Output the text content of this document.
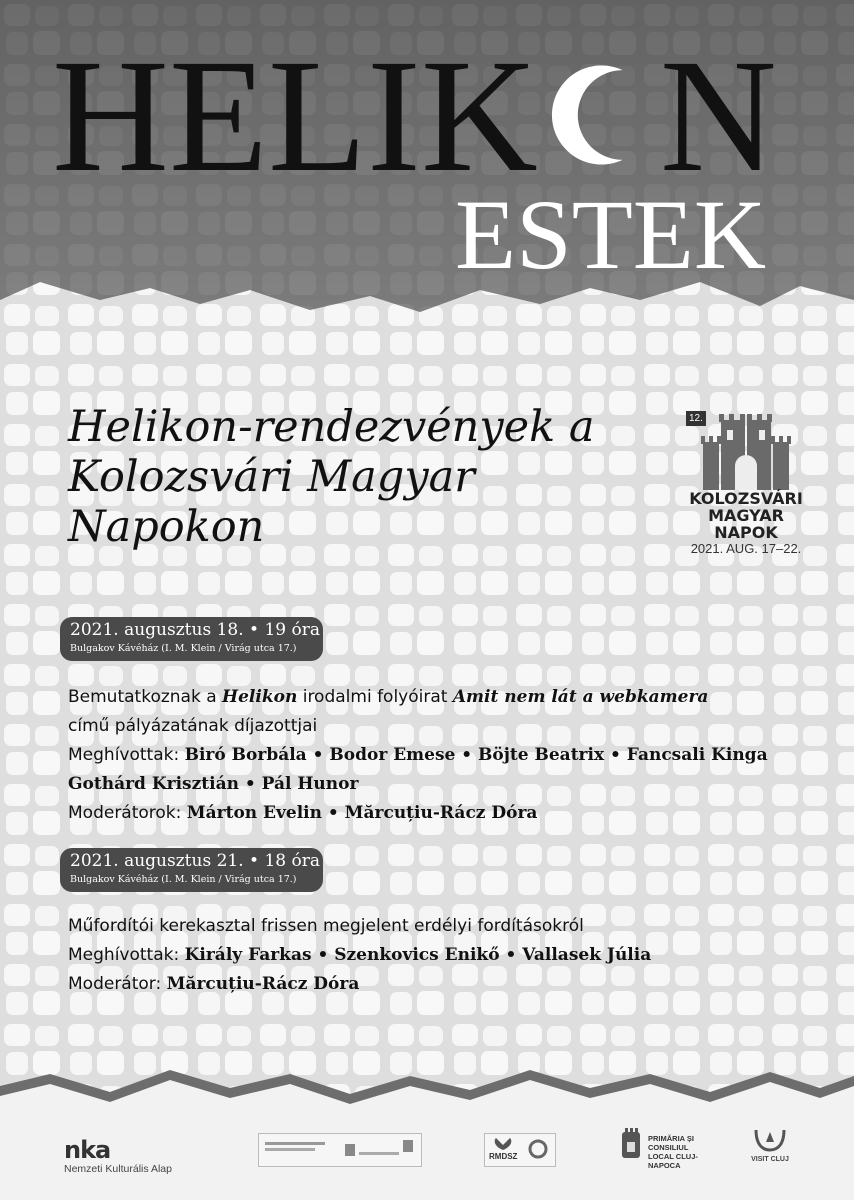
HELIK N
ESTEK
Helikon-rendezvények a Kolozsvári Magyar Napokon
12.
KOLOZSVÁRI
MAGYAR NAPOK
2021. AUG. 17–22.
2021. augusztus 18. • 19 óra
Bulgakov Kávéház (I. M. Klein / Virág utca 17.)
Bemutatkoznak a Helikon irodalmi folyóirat Amit nem lát a webkamera
című pályázatának díjazottjai
Meghívottak: Biró Borbála • Bodor Emese • Böjte Beatrix • Fancsali Kinga
Gothárd Krisztián • Pál Hunor
Moderátorok: Márton Evelin • Mărcuțiu-Rácz Dóra
2021. augusztus 21. • 18 óra
Bulgakov Kávéház (I. M. Klein / Virág utca 17.)
Műfordítói kerekasztal frissen megjelent erdélyi fordításokról
Meghívottak: Király Farkas • Szenkovics Enikő • Vallasek Júlia
Moderátor: Mărcuțiu-Rácz Dóra
nka
Nemzeti Kulturális Alap
RMDSZ
PRIMĂRIA ȘI CONSILIUL LOCAL CLUJ-NAPOCA
VISIT CLUJ
